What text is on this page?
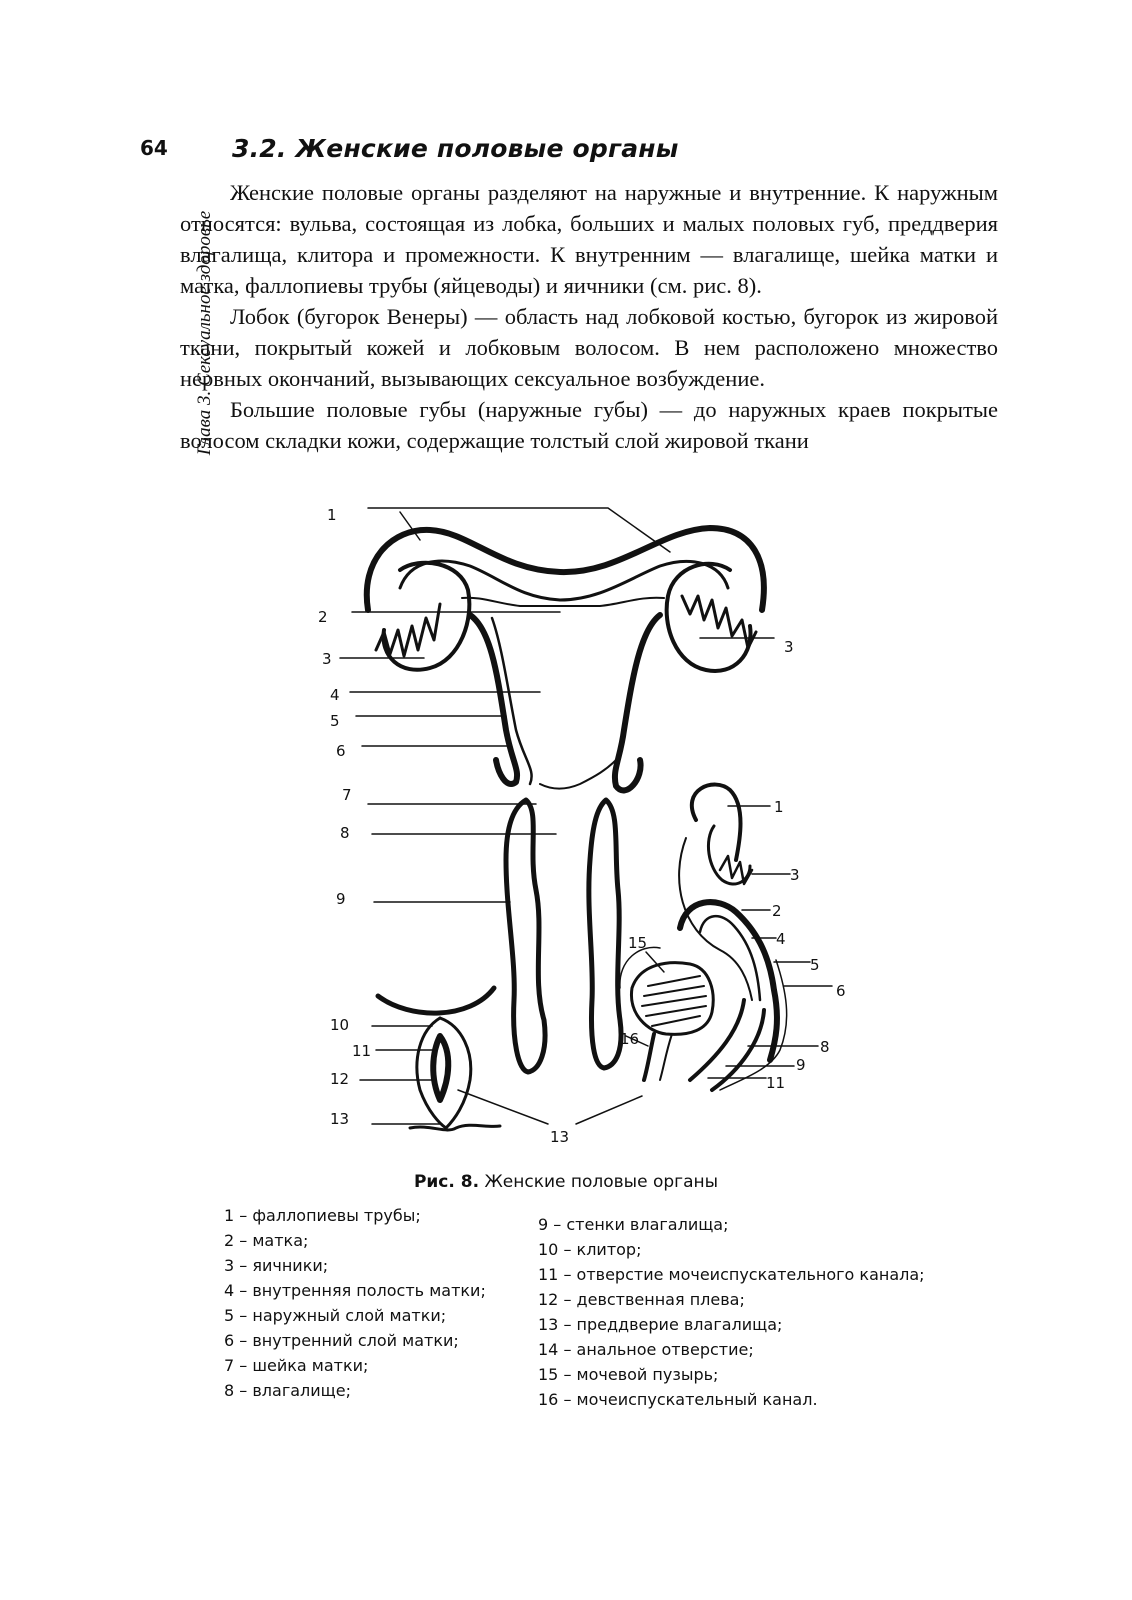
64	3.2. Женские половые органы
Глава 3. Сексуальное здоровье

Женские половые органы разделяют на наружные и внутренние. К наружным относятся: вульва, состоящая из лобка, больших и малых половых губ, преддверия влагалища, клитора и промежности. К внутренним — влагалище, шейка матки и матка, фаллопиевы трубы (яйцеводы) и яичники (см. рис. 8).

Лобок (бугорок Венеры) — область над лобковой костью, бугорок из жировой ткани, покрытый кожей и лобковым волосом. В нем расположено множество нервных окончаний, вызывающих сексуальное возбуждение.

Большие половые губы (наружные губы) — до наружных краев покрытые волосом складки кожи, содержащие толстый слой жировой ткани

1
2
3
4
5
6
7
8
9
3
10
11
12
13
13
1
3
2
15	4
5
6
16	8
9
11
Рис. 8. Женские половые органы
1 – фаллопиевы трубы;
2 – матка;
3 – яичники;
4 – внутренняя полость матки;
5 – наружный слой матки;
6 – внутренний слой матки;
7 – шейка матки;
8 – влагалище;
9 – стенки влагалища;
10 – клитор;
11 – отверстие мочеиспускательного канала;
12 – девственная плева;
13 – преддверие влагалища;
14 – анальное отверстие;
15 – мочевой пузырь;
16 – мочеиспускательный канал.
